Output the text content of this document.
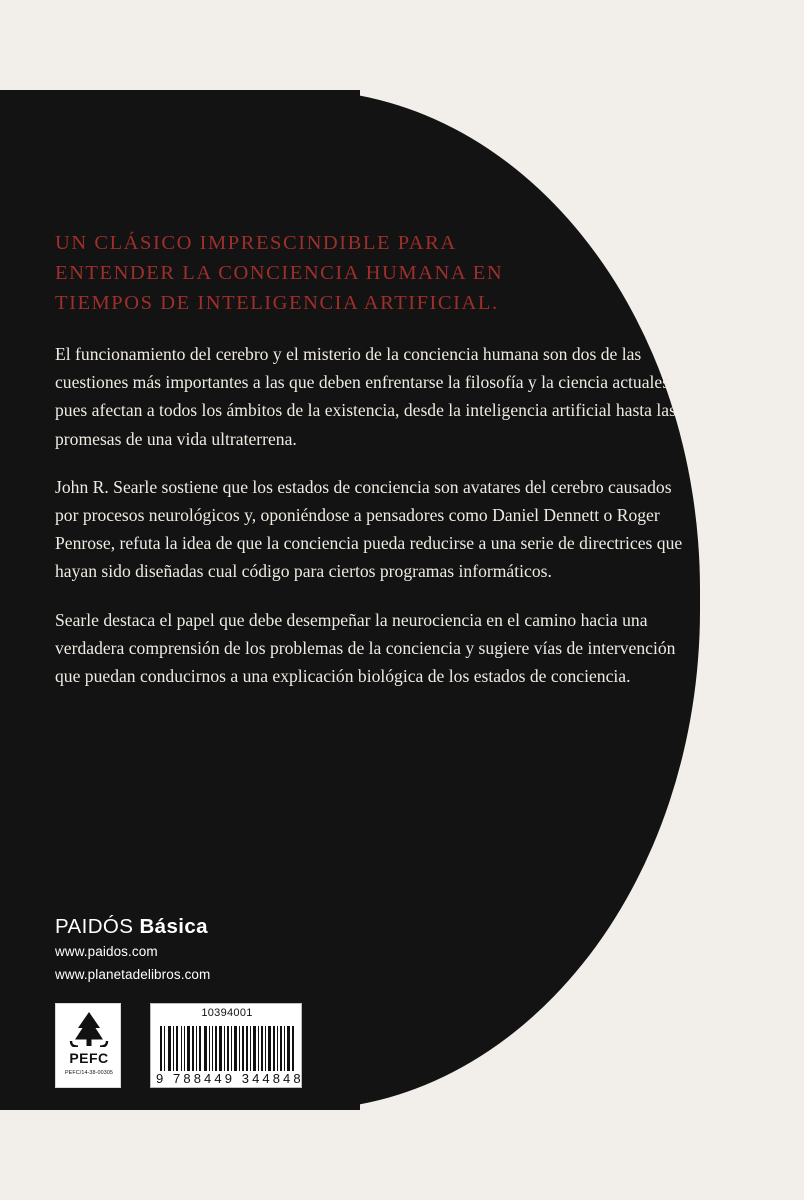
UN CLÁSICO IMPRESCINDIBLE PARA
ENTENDER LA CONCIENCIA HUMANA EN
TIEMPOS DE INTELIGENCIA ARTIFICIAL.

El funcionamiento del cerebro y el misterio de la conciencia humana son dos de las cuestiones más importantes a las que deben enfrentarse la filosofía y la ciencia actuales, pues afectan a todos los ámbitos de la existencia, desde la inteligencia artificial hasta las promesas de una vida ultraterrena.

John R. Searle sostiene que los estados de conciencia son avatares del cerebro causados por procesos neurológicos y, oponiéndose a pensadores como Daniel Dennett o Roger Penrose, refuta la idea de que la conciencia pueda reducirse a una serie de directrices que hayan sido diseñadas cual código para ciertos programas informáticos.

Searle destaca el papel que debe desempeñar la neurociencia en el camino hacia una verdadera comprensión de los problemas de la conciencia y sugiere vías de intervención que puedan conducirnos a una explicación biológica de los estados de conciencia.

PAIDÓS Básica
www.paidos.com
www.planetadelibros.com
PEFC
PEFC/14-38-00305
10394001
9 788449 344848
